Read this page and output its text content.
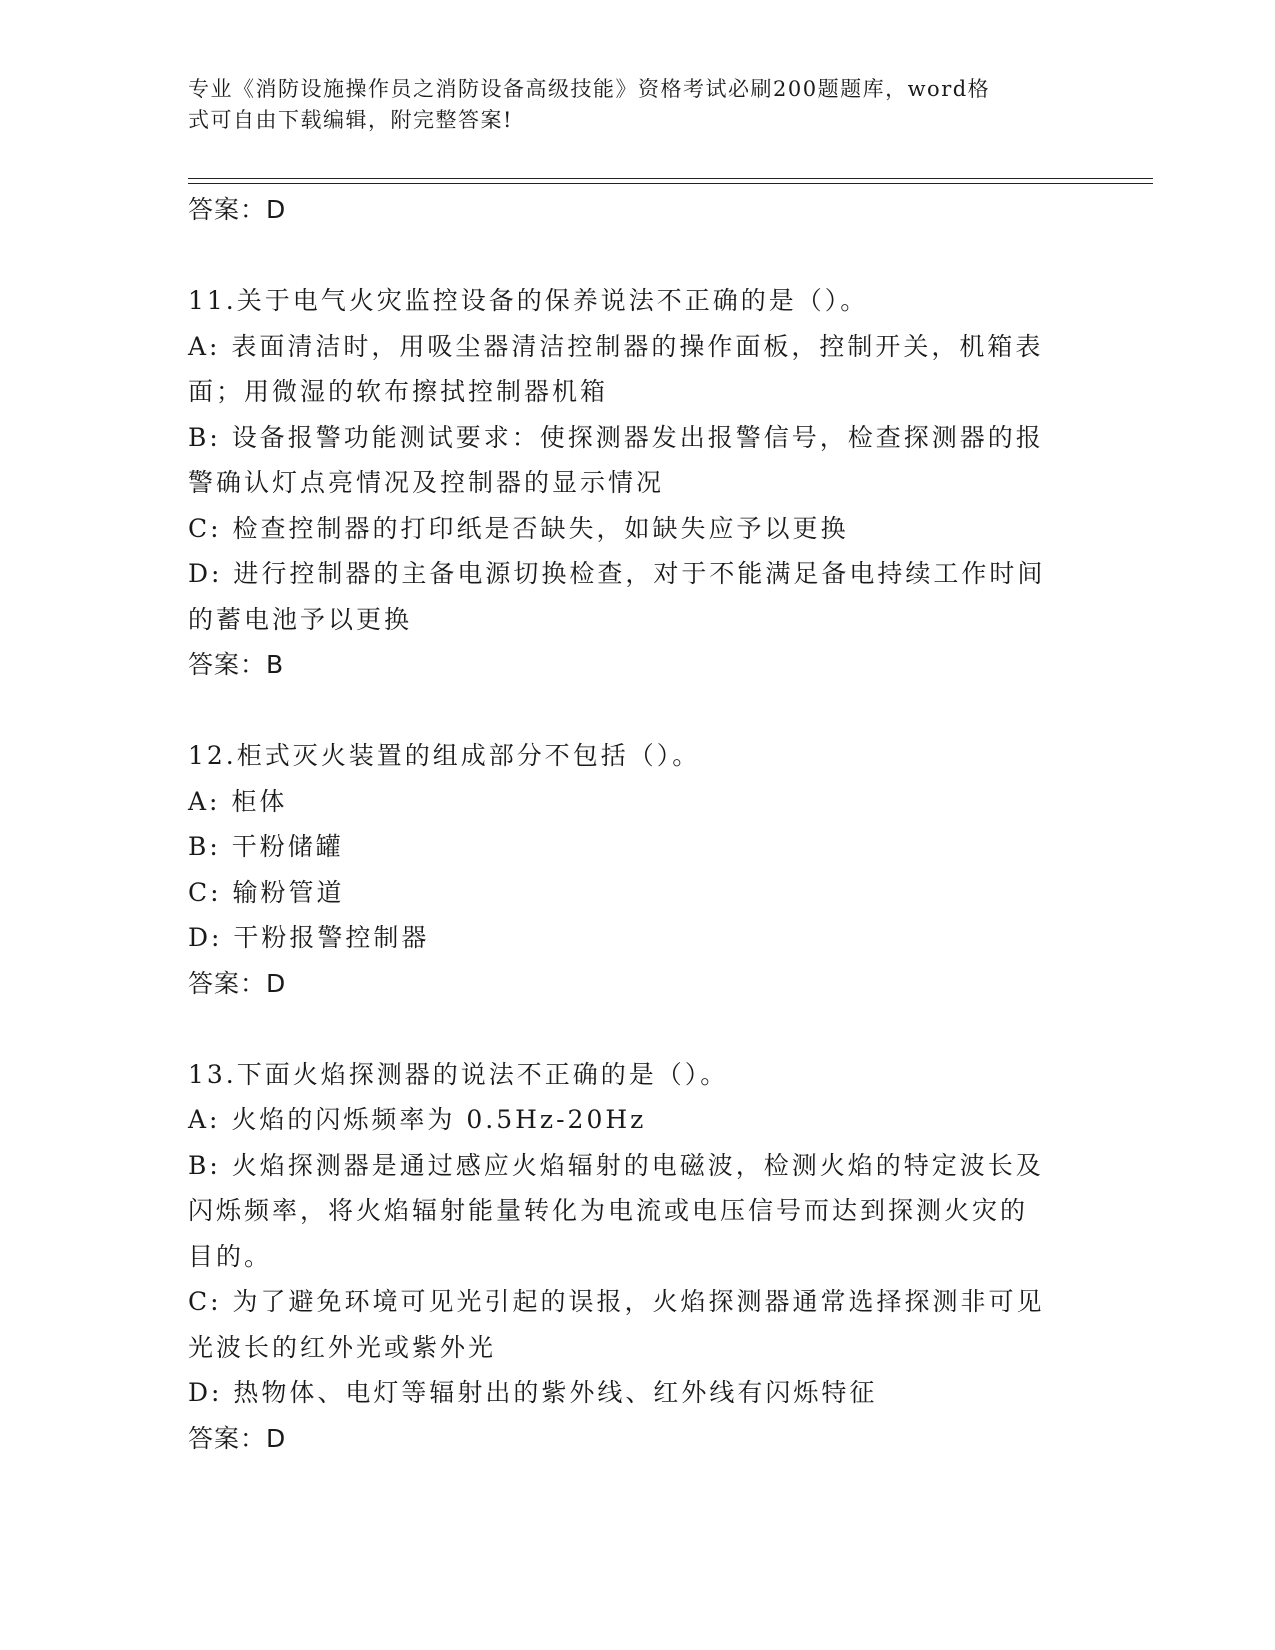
专业《消防设施操作员之消防设备高级技能》资格考试必刷200题题库，word格
式可自由下载编辑，附完整答案!
答案：D
11.关于电气火灾监控设备的保养说法不正确的是（）。
A: 表面清洁时，用吸尘器清洁控制器的操作面板，控制开关，机箱表
面；用微湿的软布擦拭控制器机箱
B: 设备报警功能测试要求：使探测器发出报警信号，检查探测器的报
警确认灯点亮情况及控制器的显示情况
C: 检查控制器的打印纸是否缺失，如缺失应予以更换
D: 进行控制器的主备电源切换检查，对于不能满足备电持续工作时间
的蓄电池予以更换
答案：B
12.柜式灭火装置的组成部分不包括（）。
A: 柜体
B: 干粉储罐
C: 输粉管道
D: 干粉报警控制器
答案：D
13.下面火焰探测器的说法不正确的是（）。
A: 火焰的闪烁频率为 0.5Hz-20Hz
B: 火焰探测器是通过感应火焰辐射的电磁波，检测火焰的特定波长及
闪烁频率，将火焰辐射能量转化为电流或电压信号而达到探测火灾的
目的。
C: 为了避免环境可见光引起的误报，火焰探测器通常选择探测非可见
光波长的红外光或紫外光
D: 热物体、电灯等辐射出的紫外线、红外线有闪烁特征
答案：D
